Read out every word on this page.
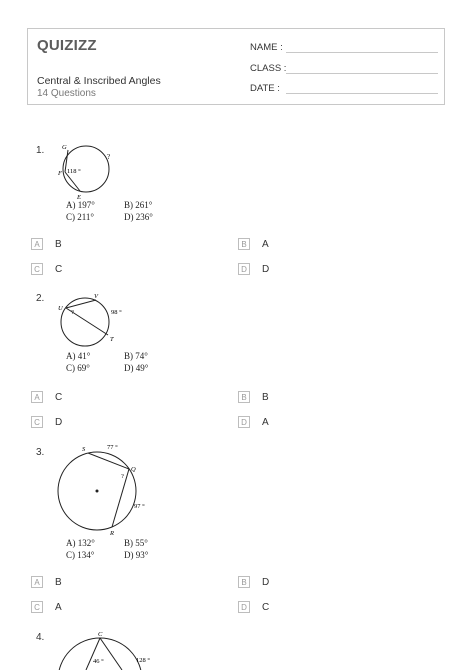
QUIZIZZ
Central & Inscribed Angles
14 Questions
NAME :
CLASS :
DATE :
1.	G
?
F 118 °
E
A) 197°	B) 261°
C) 211°	D) 236°
A	B	B	A
C	C	D	D
2.
U
?
V
98 °
T
A) 41°	B) 74°
C) 69°	D) 49°
A	C	B	B
C	D	D	A
3.	S	77 °
Q
?
97 °
R
A) 132°	B) 55°
C) 134°	D) 93°
A	B	B	D
C	A	D	C
4.	C
46 °	128 °
